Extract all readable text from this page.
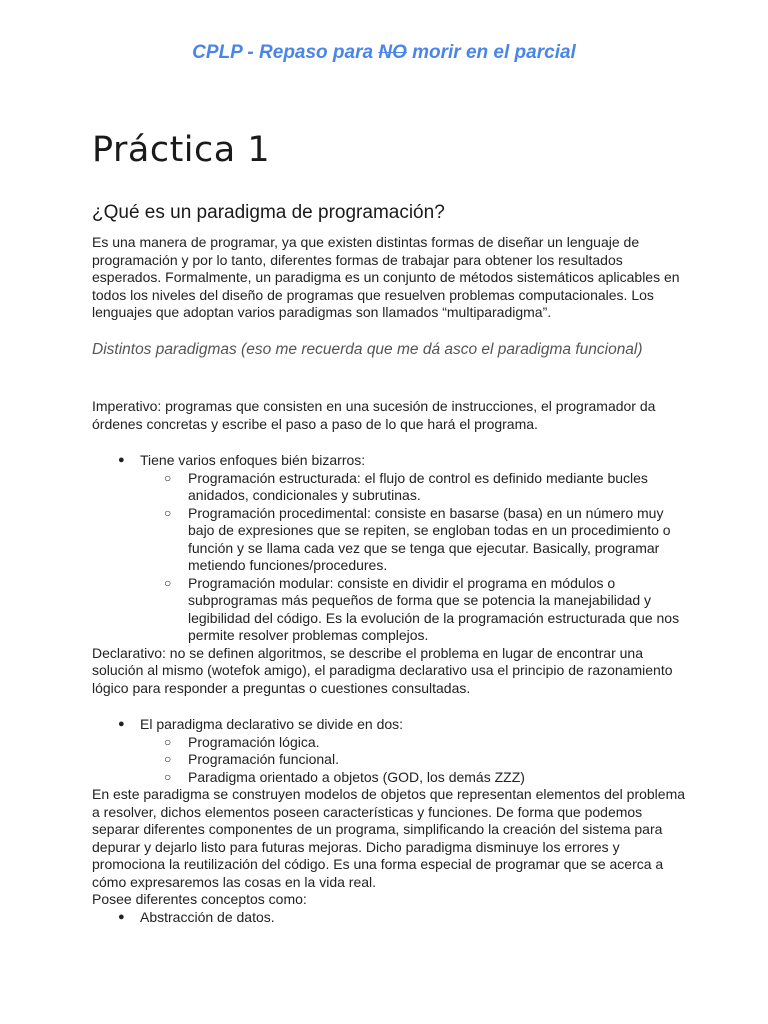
CPLP - Repaso para NO morir en el parcial
Práctica 1
¿Qué es un paradigma de programación?

Es una manera de programar, ya que existen distintas formas de diseñar un lenguaje de programación y por lo tanto, diferentes formas de trabajar para obtener los resultados esperados. Formalmente, un paradigma es un conjunto de métodos sistemáticos aplicables en todos los niveles del diseño de programas que resuelven problemas computacionales. Los lenguajes que adoptan varios paradigmas son llamados “multiparadigma”.

Distintos paradigmas (eso me recuerda que me dá asco el paradigma funcional)

Imperativo: programas que consisten en una sucesión de instrucciones, el programador da órdenes concretas y escribe el paso a paso de lo que hará el programa.

●	Tiene varios enfoques bién bizarros:
○	Programación estructurada: el flujo de control es definido mediante bucles anidados, condicionales y subrutinas.
○	Programación procedimental: consiste en basarse (basa) en un número muy bajo de expresiones que se repiten, se engloban todas en un procedimiento o función y se llama cada vez que se tenga que ejecutar. Basically, programar metiendo funciones/procedures.
○	Programación modular: consiste en dividir el programa en módulos o subprogramas más pequeños de forma que se potencia la manejabilidad y legibilidad del código. Es la evolución de la programación estructurada que nos permite resolver problemas complejos.

Declarativo: no se definen algoritmos, se describe el problema en lugar de encontrar una solución al mismo (wotefok amigo), el paradigma declarativo usa el principio de razonamiento lógico para responder a preguntas o cuestiones consultadas.

●	El paradigma declarativo se divide en dos:
○	Programación lógica.
○	Programación funcional.
○	Paradigma orientado a objetos (GOD, los demás ZZZ)

En este paradigma se construyen modelos de objetos que representan elementos del problema a resolver, dichos elementos poseen características y funciones. De forma que podemos separar diferentes componentes de un programa, simplificando la creación del sistema para depurar y dejarlo listo para futuras mejoras. Dicho paradigma disminuye los errores y promociona la reutilización del código. Es una forma especial de programar que se acerca a cómo expresaremos las cosas en la vida real.

Posee diferentes conceptos como:

●	Abstracción de datos.
